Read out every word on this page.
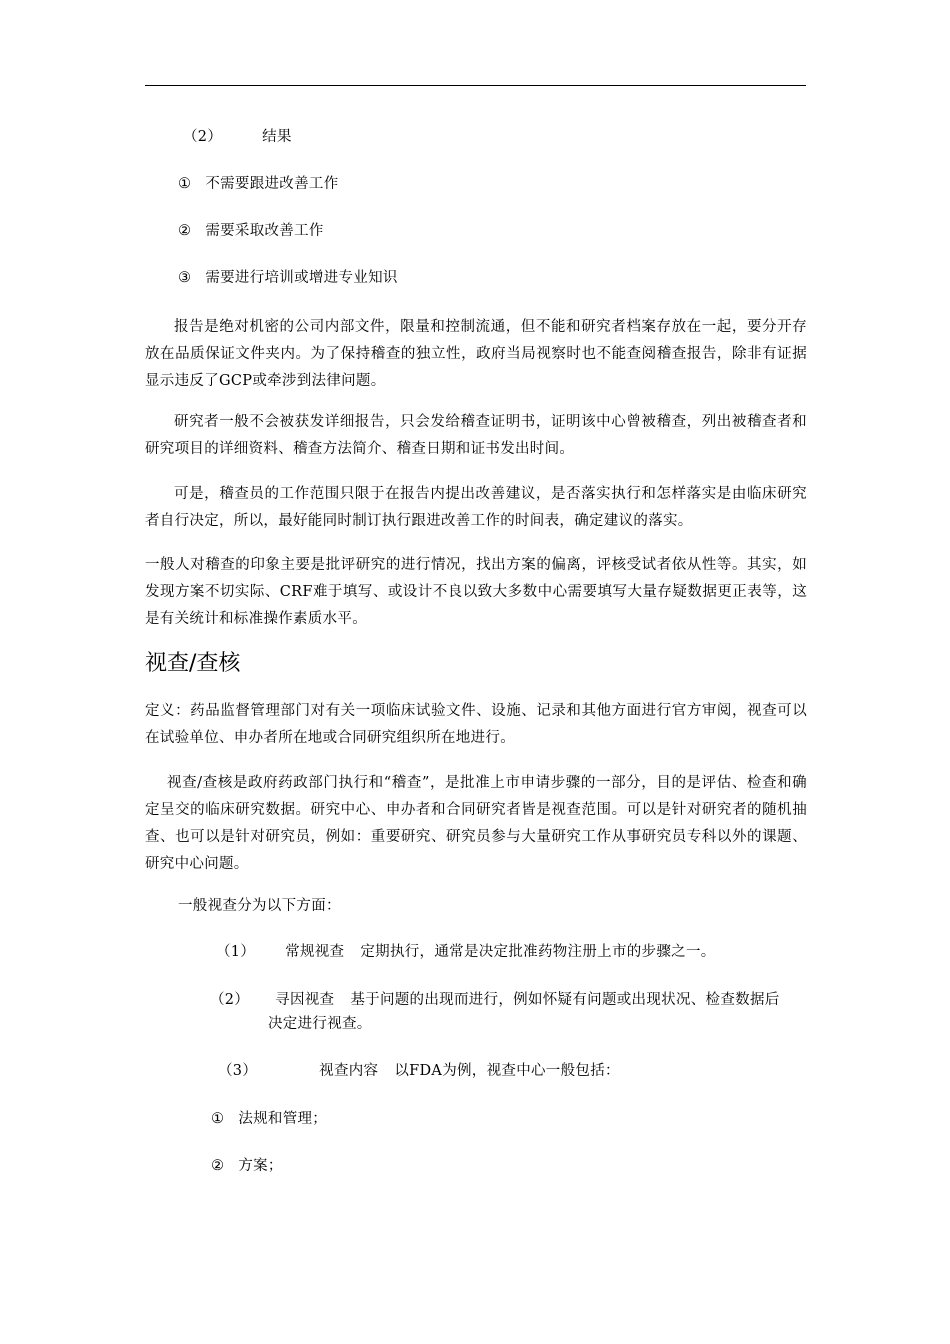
（2）	结果
① 不需要跟进改善工作
② 需要采取改善工作
③ 需要进行培训或增进专业知识
报告是绝对机密的公司内部文件，限量和控制流通，但不能和研究者档案存放在一起，要分开存放在品质保证文件夹内。为了保持稽查的独立性，政府当局视察时也不能查阅稽查报告，除非有证据显示违反了GCP或牵涉到法律问题。
研究者一般不会被获发详细报告，只会发给稽查证明书，证明该中心曾被稽查，列出被稽查者和研究项目的详细资料、稽查方法简介、稽查日期和证书发出时间。
可是，稽查员的工作范围只限于在报告内提出改善建议，是否落实执行和怎样落实是由临床研究者自行决定，所以，最好能同时制订执行跟进改善工作的时间表，确定建议的落实。
一般人对稽查的印象主要是批评研究的进行情况，找出方案的偏离，评核受试者依从性等。其实，如发现方案不切实际、CRF难于填写、或设计不良以致大多数中心需要填写大量存疑数据更正表等，这是有关统计和标准操作素质水平。
视查/查核
定义：药品监督管理部门对有关一项临床试验文件、设施、记录和其他方面进行官方审阅，视查可以在试验单位、申办者所在地或合同研究组织所在地进行。
视查/查核是政府药政部门执行和“稽查”，是批准上市申请步骤的一部分，目的是评估、检查和确定呈交的临床研究数据。研究中心、申办者和合同研究者皆是视查范围。可以是针对研究者的随机抽查、也可以是针对研究员，例如：重要研究、研究员参与大量研究工作从事研究员专科以外的课题、研究中心问题。
一般视查分为以下方面：
（1） 常规视查 定期执行，通常是决定批准药物注册上市的步骤之一。
（2） 寻因视查 基于问题的出现而进行，例如怀疑有问题或出现状况、检查数据后
决定进行视查。
（3）	视查内容 以FDA为例，视查中心一般包括：
① 法规和管理；
② 方案；
